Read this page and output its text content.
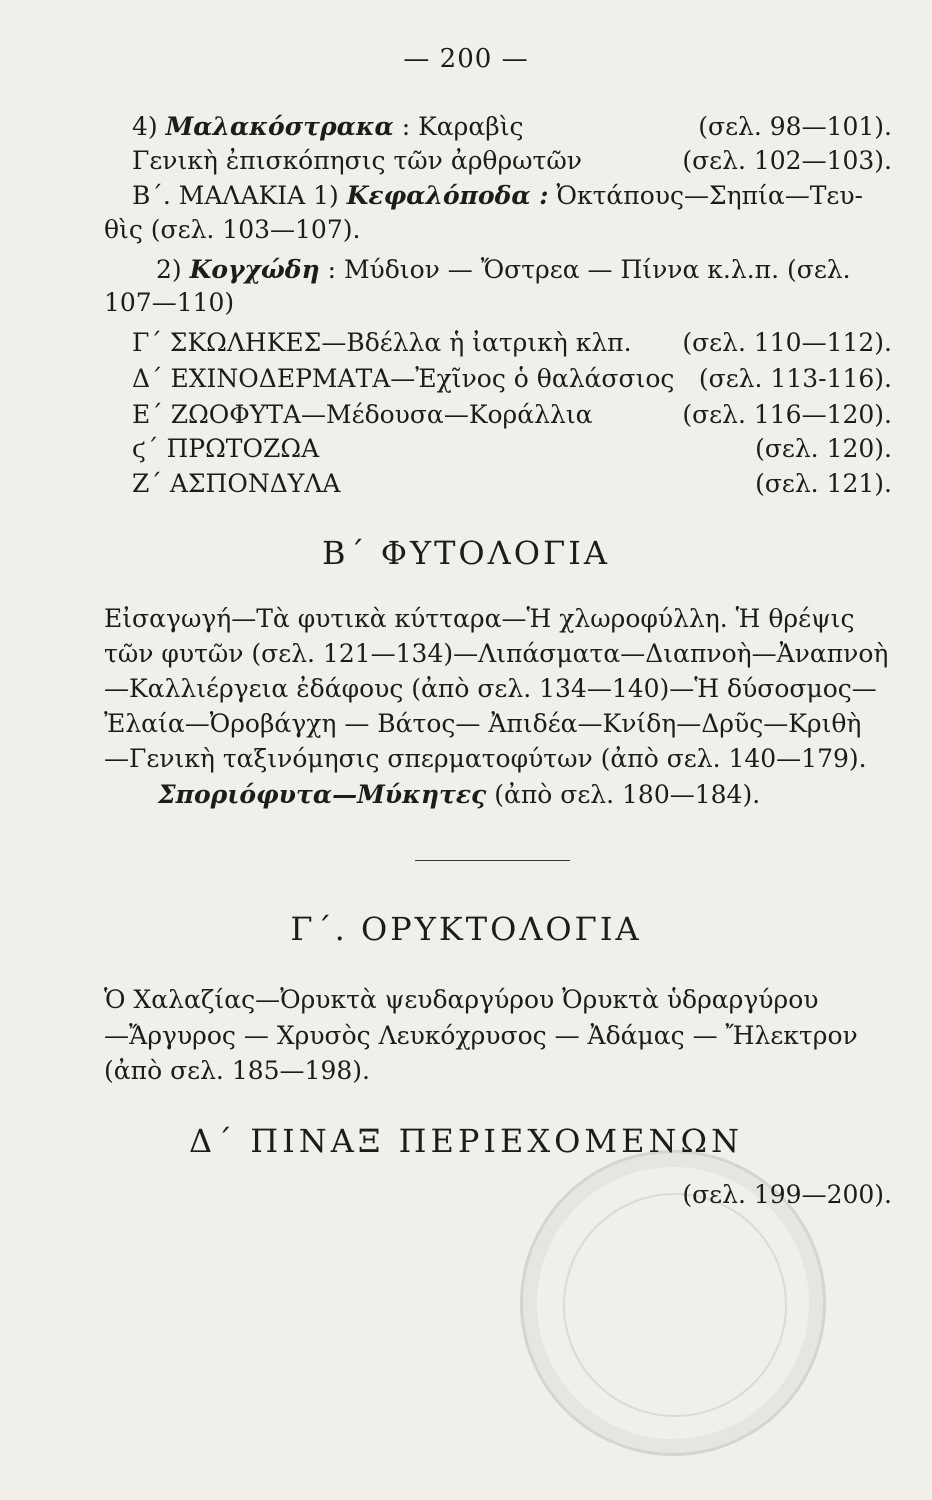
— 200 —
4) Μαλακόστρακα : Καραβὶς	(σελ. 98—101).
Γενικὴ ἐπισκόπησις τῶν ἀρθρωτῶν	(σελ. 102—103).
Β΄. ΜΑΛΑΚΙΑ 1) Κεφαλόποδα : Ὀκτάπους—Σηπία—Τευ-
θὶς (σελ. 103—107).
2) Κογχώδη : Μύδιον — Ὄστρεα — Πίννα κ.λ.π. (σελ.
107—110)
Γ΄ ΣΚΩΛΗΚΕΣ—Βδέλλα ἡ ἰατρικὴ κλπ. (σελ. 110—112).
Δ΄ ΕΧΙΝΟΔΕΡΜΑΤΑ—Ἐχῖνος ὁ θαλάσσιος (σελ. 113-116).
Ε΄ ΖΩΟΦΥΤΑ—Μέδουσα—Κοράλλια	(σελ. 116—120).
ϛ΄ ΠΡΩΤΟΖΩΑ	(σελ. 120).
Ζ΄ ΑΣΠΟΝΔΥΛΑ	(σελ. 121).
Β΄ ΦΥΤΟΛΟΓΙΑ
Εἰσαγωγή—Τὰ φυτικὰ κύτταρα—Ἡ χλωροφύλλη. Ἡ θρέψις
τῶν φυτῶν (σελ. 121—134)—Λιπάσματα—Διαπνοὴ—Ἀναπνοὴ
—Καλλιέργεια ἐδάφους (ἀπὸ σελ. 134—140)—Ἡ δύσοσμος—
Ἐλαία—Ὀροβάγχη — Βάτος— Ἀπιδέα—Κνίδη—Δρῦς—Κριθὴ
—Γενικὴ ταξινόμησις σπερματοφύτων (ἀπὸ σελ. 140—179).
Σποριόφυτα—Μύκητες (ἀπὸ σελ. 180—184).
Γ΄. ΟΡΥΚΤΟΛΟΓΙΑ
Ὁ Χαλαζίας—Ὀρυκτὰ ψευδαργύρου Ὀρυκτὰ ὑδραργύρου
—Ἄργυρος — Χρυσὸς Λευκόχρυσος — Ἀδάμας — Ἤλεκτρον
(ἀπὸ σελ. 185—198).
Δ΄ ΠΙΝΑΞ ΠΕΡΙΕΧΟΜΕΝΩΝ
(σελ. 199—200).
